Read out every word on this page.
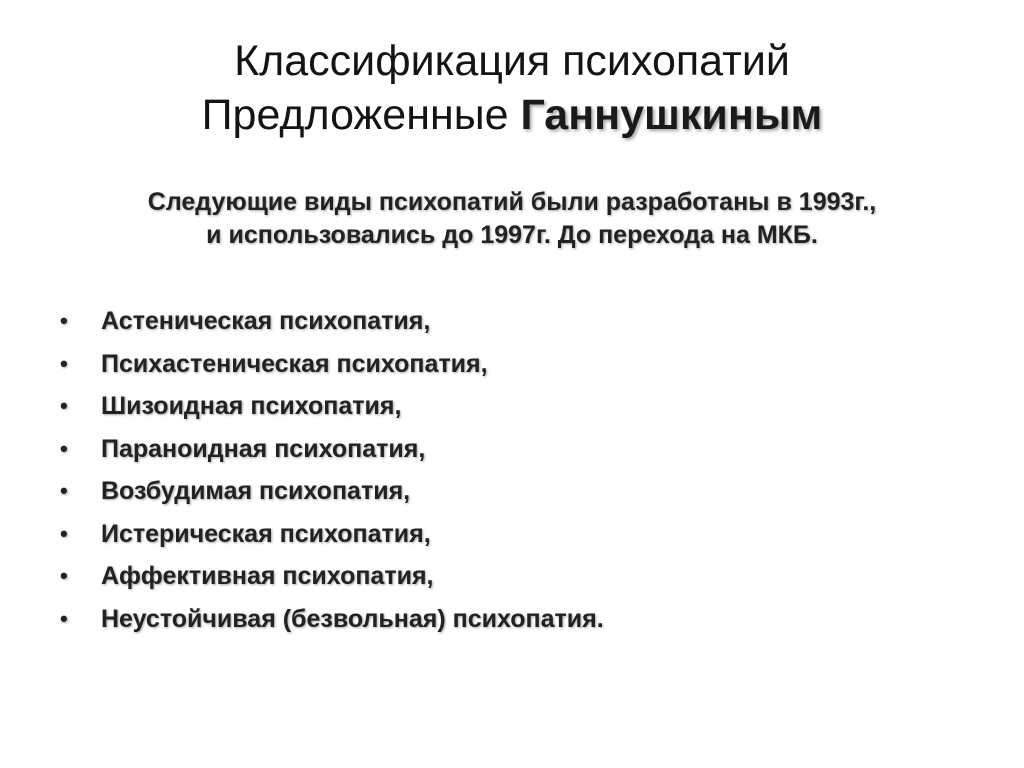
Классификация психопатий
Предложенные Ганнушкиным
Следующие виды психопатий были разработаны в 1993г.,
и использовались до 1997г. До перехода на МКБ.
•	Астеническая психопатия,
•	Психастеническая психопатия,
•	Шизоидная психопатия,
•	Параноидная психопатия,
•	Возбудимая психопатия,
•	Истерическая психопатия,
•	Аффективная психопатия,
•	Неустойчивая (безвольная) психопатия.
